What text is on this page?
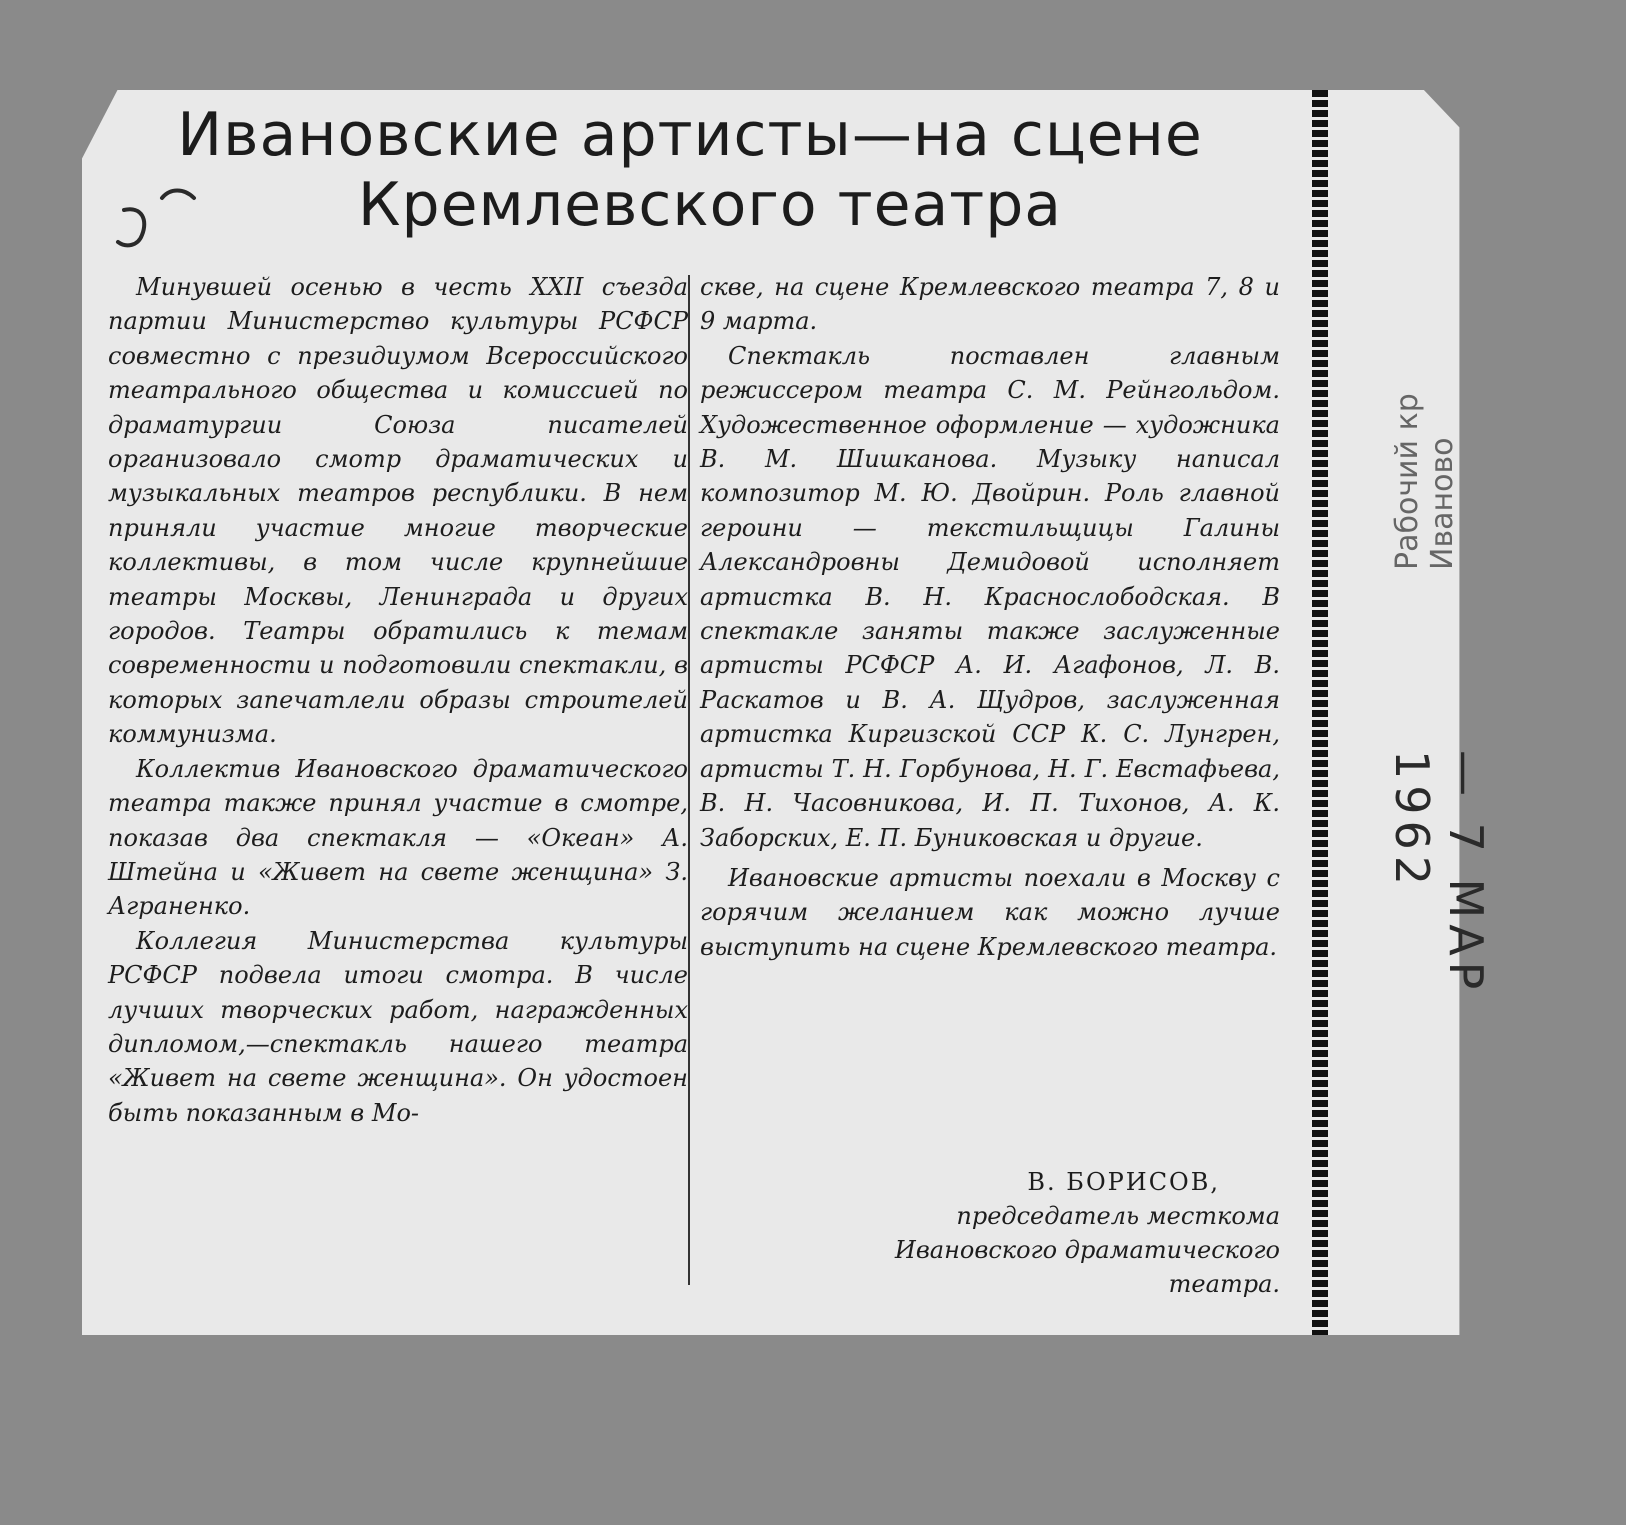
Ивановские артисты—на сцене
Кремлевского театра

Минувшей осенью в честь XXII съезда партии Министерство культуры РСФСР совместно с президиумом Всероссийского театрального общества и комиссией по драматургии Союза писателей организовало смотр драматических и музыкальных театров республики. В нем приняли участие многие творческие коллективы, в том числе крупнейшие театры Москвы, Ленинграда и других городов. Театры обратились к темам современности и подготовили спектакли, в которых запечатлели образы строителей коммунизма.

Коллектив Ивановского драматического театра также принял участие в смотре, показав два спектакля — «Океан» А. Штейна и «Живет на свете женщина» З. Аграненко.

Коллегия Министерства культуры РСФСР подвела итоги смотра. В числе лучших творческих работ, награжденных дипломом,—спектакль нашего театра «Живет на свете женщина». Он удостоен быть показанным в Мо-

скве, на сцене Кремлевского театра 7, 8 и 9 марта.

Спектакль поставлен главным режиссером театра С. М. Рейнгольдом. Художественное оформление — художника В. М. Шишканова. Музыку написал композитор М. Ю. Двойрин. Роль главной героини — текстильщицы Галины Александровны Демидовой исполняет артистка В. Н. Краснослободская. В спектакле заняты также заслуженные артисты РСФСР А. И. Агафонов, Л. В. Раскатов и В. А. Щудров, заслуженная артистка Киргизской ССР К. С. Лунгрен, артисты Т. Н. Горбунова, Н. Г. Евстафьева, В. Н. Часовникова, И. П. Тихонов, А. К. Заборских, Е. П. Буниковская и другие.

Ивановские артисты поехали в Москву с горячим желанием как можно лучше выступить на сцене Кремлевского театра.

В. БОРИСОВ,
председатель месткома
Ивановского драматического
театра.
Рабочий кр Иваново
— 7 МАР 1962
